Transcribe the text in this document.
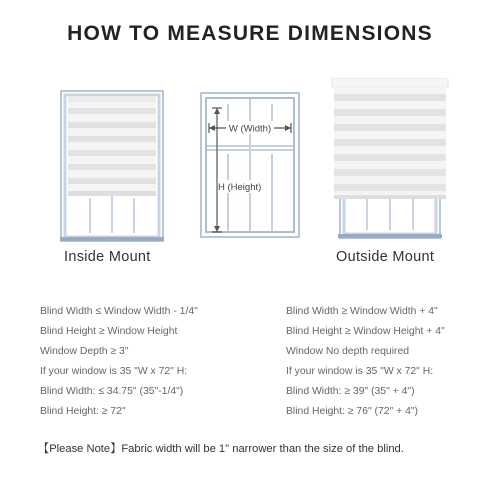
HOW TO MEASURE DIMENSIONS
W (Width)
H (Height)
Inside Mount	Outside Mount
Blind Width ≤ Window Width - 1/4"
Blind Height ≥ Window Height
Window Depth ≥ 3"
If your window is 35 "W x 72" H:
Blind Width: ≤ 34.75" (35"-1/4")
Blind Height: ≥ 72"
Blind Width ≥ Window Width + 4"
Blind Height ≥ Window Height + 4"
Window No depth required
If your window is 35 "W x 72" H:
Blind Width: ≥ 39" (35" + 4")
Blind Height: ≥ 76" (72" + 4")
【Please Note】Fabric width will be 1" narrower than the size of the blind.
